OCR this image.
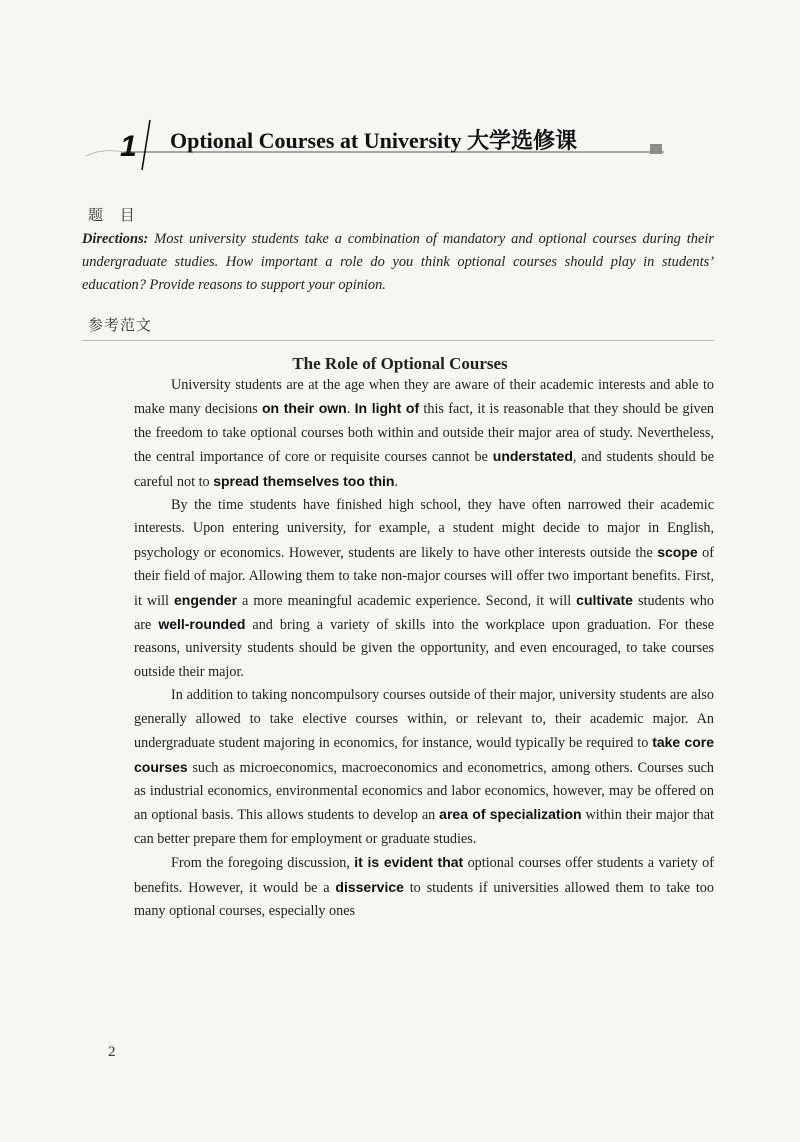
1 Optional Courses at University 大学选修课
题 目
Directions: Most university students take a combination of mandatory and optional courses during their undergraduate studies. How important a role do you think optional courses should play in students’ education? Provide reasons to support your opinion.
参考范文
The Role of Optional Courses

University students are at the age when they are aware of their academic interests and able to make many decisions on their own. In light of this fact, it is reasonable that they should be given the freedom to take optional courses both within and outside their major area of study. Nevertheless, the central importance of core or requisite courses cannot be understated, and students should be careful not to spread themselves too thin.

By the time students have finished high school, they have often narrowed their academic interests. Upon entering university, for example, a student might decide to major in English, psychology or economics. However, students are likely to have other interests outside the scope of their field of major. Allowing them to take non-major courses will offer two important benefits. First, it will engender a more meaningful academic experience. Second, it will cultivate students who are well-rounded and bring a variety of skills into the workplace upon graduation. For these reasons, university students should be given the opportunity, and even encouraged, to take courses outside their major.

In addition to taking noncompulsory courses outside of their major, university students are also generally allowed to take elective courses within, or relevant to, their academic major. An undergraduate student majoring in economics, for instance, would typically be required to take core courses such as microeconomics, macroeconomics and econometrics, among others. Courses such as industrial economics, environmental economics and labor economics, however, may be offered on an optional basis. This allows students to develop an area of specialization within their major that can better prepare them for employment or graduate studies.

From the foregoing discussion, it is evident that optional courses offer students a variety of benefits. However, it would be a disservice to students if universities allowed them to take too many optional courses, especially ones

2
